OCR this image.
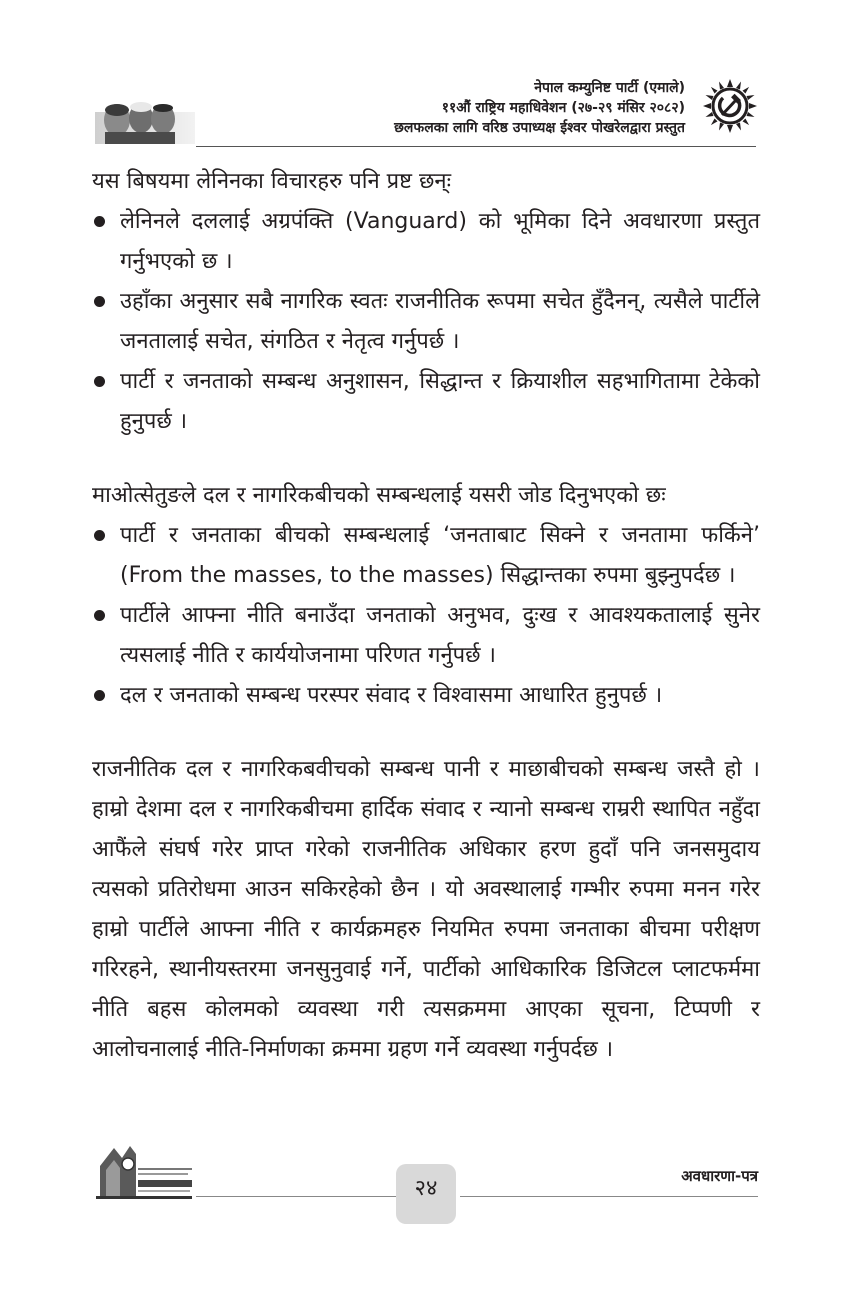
नेपाल कम्युनिष्ट पार्टी (एमाले)
११औं राष्ट्रिय महाधिवेशन (२७-२९ मंसिर २०८२)
छलफलका लागि वरिष्ठ उपाध्यक्ष ईश्वर पोखरेलद्वारा प्रस्तुत

यस बिषयमा लेनिनका विचारहरु पनि प्रष्ट छन्ः

लेनिनले दललाई अग्रपंक्ति (Vanguard) को भूमिका दिने अवधारणा प्रस्तुत गर्नुभएको छ ।
उहाँका अनुसार सबै नागरिक स्वतः राजनीतिक रूपमा सचेत हुँदैनन्, त्यसैले पार्टीले जनतालाई सचेत, संगठित र नेतृत्व गर्नुपर्छ ।
पार्टी र जनताको सम्बन्ध अनुशासन, सिद्धान्त र क्रियाशील सहभागितामा टेकेको हुनुपर्छ ।

माओत्सेतुङले दल र नागरिकबीचको सम्बन्धलाई यसरी जोड दिनुभएको छः

पार्टी र जनताका बीचको सम्बन्धलाई ‘जनताबाट सिक्ने र जनतामा फर्किने’ (From the masses, to the masses) सिद्धान्तका रुपमा बुझ्नुपर्दछ ।
पार्टीले आफ्ना नीति बनाउँदा जनताको अनुभव, दुःख र आवश्यकतालाई सुनेर त्यसलाई नीति र कार्ययोजनामा परिणत गर्नुपर्छ ।
दल र जनताको सम्बन्ध परस्पर संवाद र विश्वासमा आधारित हुनुपर्छ ।

राजनीतिक दल र नागरिकबवीचको सम्बन्ध पानी र माछाबीचको सम्बन्ध जस्तै हो । हाम्रो देशमा दल र नागरिकबीचमा हार्दिक संवाद र न्यानो सम्बन्ध राम्ररी स्थापित नहुँदा आफैंले संघर्ष गरेर प्राप्त गरेको राजनीतिक अधिकार हरण हुदाँ पनि जनसमुदाय त्यसको प्रतिरोधमा आउन सकिरहेको छैन । यो अवस्थालाई गम्भीर रुपमा मनन गरेर हाम्रो पार्टीले आफ्ना नीति र कार्यक्रमहरु नियमित रुपमा जनताका बीचमा परीक्षण गरिरहने, स्थानीयस्तरमा जनसुनुवाई गर्ने, पार्टीको आधिकारिक डिजिटल प्लाटफर्ममा नीति बहस कोलमको व्यवस्था गरी त्यसक्रममा आएका सूचना, टिप्पणी र आलोचनालाई नीति-निर्माणका क्रममा ग्रहण गर्ने व्यवस्था गर्नुपर्दछ ।

२४	अवधारणा-पत्र
